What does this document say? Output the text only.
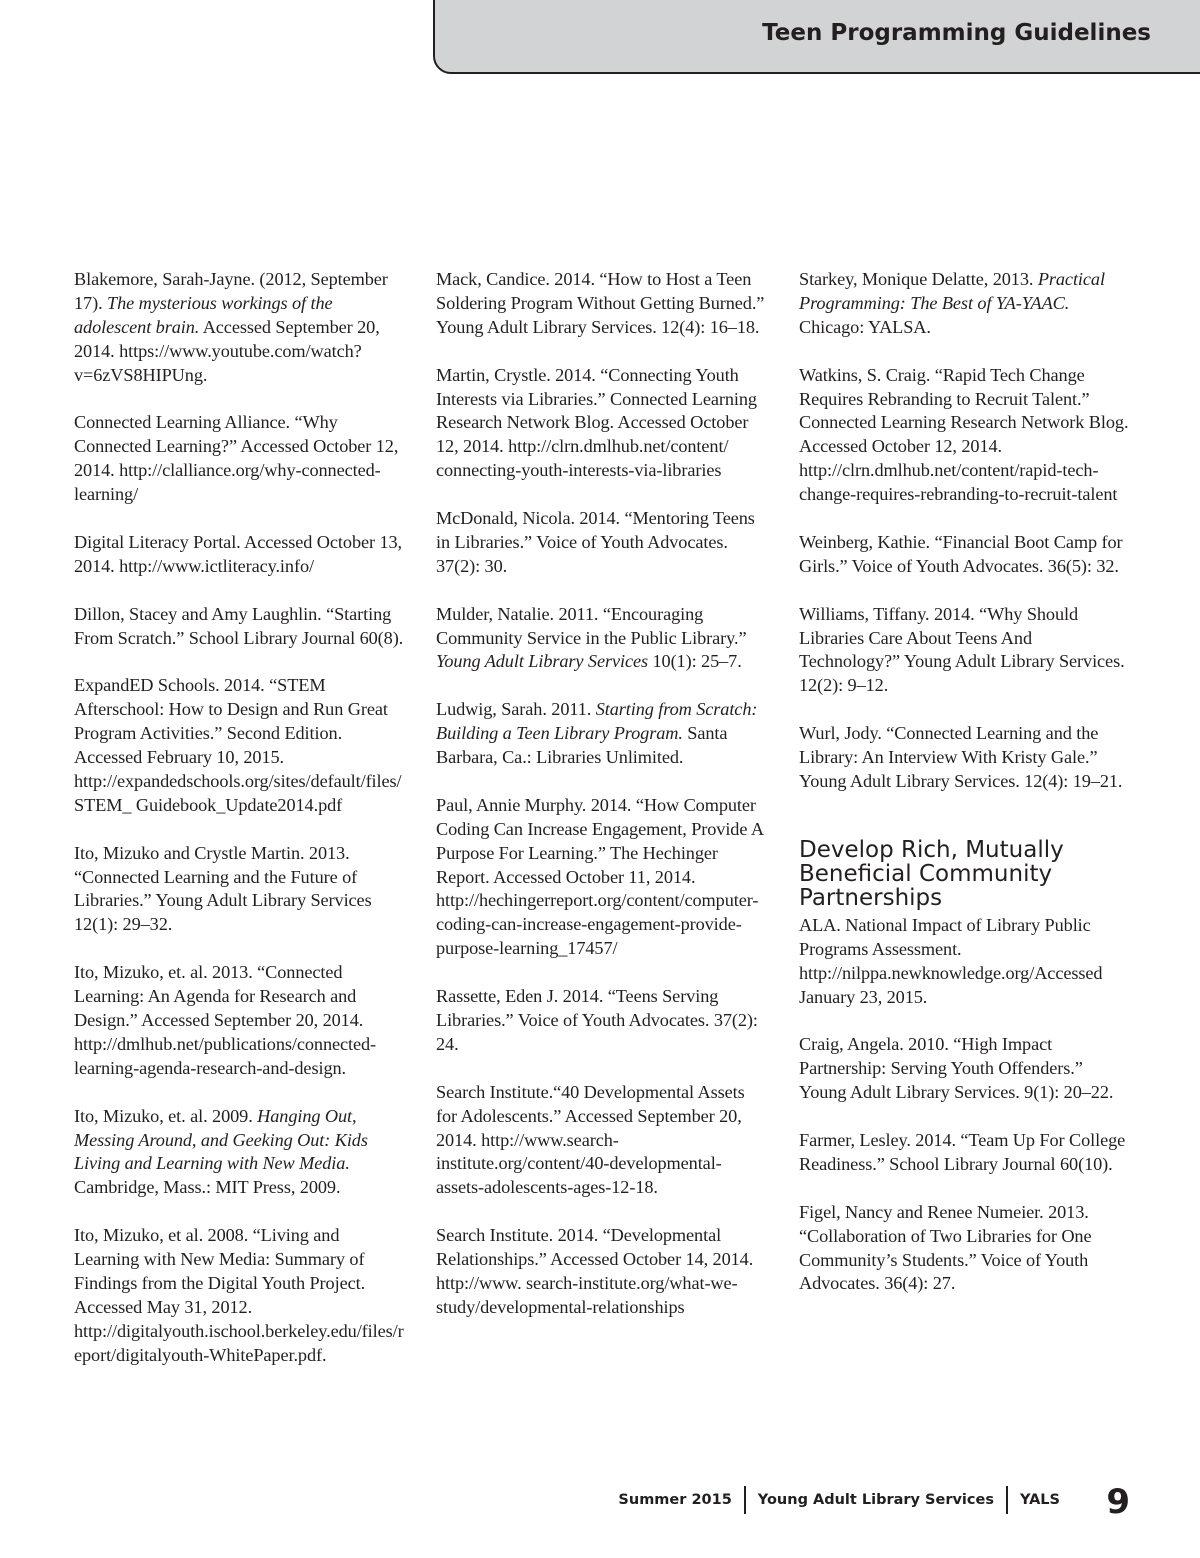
Teen Programming Guidelines

Blakemore, Sarah-Jayne. (2012, September 17). The mysterious workings of the adolescent brain. Accessed September 20, 2014. https://www.youtube.com/watch?v=6zVS8HIPUng.

Connected Learning Alliance. “Why Connected Learning?” Accessed October 12, 2014. http://clalliance.org/why-connected-learning/

Digital Literacy Portal. Accessed October 13, 2014. http://www.ictliteracy.info/

Dillon, Stacey and Amy Laughlin. “Starting From Scratch.” School Library Journal 60(8).

ExpandED Schools. 2014. “STEM Afterschool: How to Design and Run Great Program Activities.” Second Edition. Accessed February 10, 2015. http://expandedschools.org/sites/default/files/STEM_ Guidebook_Update2014.pdf

Ito, Mizuko and Crystle Martin. 2013. “Connected Learning and the Future of Libraries.” Young Adult Library Services 12(1): 29–32.

Ito, Mizuko, et. al. 2013. “Connected Learning: An Agenda for Research and Design.” Accessed September 20, 2014. http://dmlhub.net/publications/connected-learning-agenda-research-and-design.

Ito, Mizuko, et. al. 2009. Hanging Out, Messing Around, and Geeking Out: Kids Living and Learning with New Media. Cambridge, Mass.: MIT Press, 2009.

Ito, Mizuko, et al. 2008. “Living and Learning with New Media: Summary of Findings from the Digital Youth Project. Accessed May 31, 2012. http://digitalyouth.ischool.berkeley.edu/files/report/digitalyouth-WhitePaper.pdf.

Mack, Candice. 2014. “How to Host a Teen Soldering Program Without Getting Burned.” Young Adult Library Services. 12(4): 16–18.

Martin, Crystle. 2014. “Connecting Youth Interests via Libraries.” Connected Learning Research Network Blog. Accessed October 12, 2014. http://clrn.dmlhub.net/content/ connecting-youth-interests-via-libraries

McDonald, Nicola. 2014. “Mentoring Teens in Libraries.” Voice of Youth Advocates. 37(2): 30.

Mulder, Natalie. 2011. “Encouraging Community Service in the Public Library.” Young Adult Library Services 10(1): 25–7.

Ludwig, Sarah. 2011. Starting from Scratch: Building a Teen Library Program. Santa Barbara, Ca.: Libraries Unlimited.

Paul, Annie Murphy. 2014. “How Computer Coding Can Increase Engagement, Provide A Purpose For Learning.” The Hechinger Report. Accessed October 11, 2014. http://hechingerreport.org/content/computer-coding-can-increase-engagement-provide-purpose-learning_17457/

Rassette, Eden J. 2014. “Teens Serving Libraries.” Voice of Youth Advocates. 37(2): 24.

Search Institute.“40 Developmental Assets for Adolescents.” Accessed September 20, 2014. http://www.search-institute.org/content/40-developmental-assets-adolescents-ages-12-18.

Search Institute. 2014. “Developmental Relationships.” Accessed October 14, 2014. http://www. search-institute.org/what-we-study/developmental-relationships

Starkey, Monique Delatte, 2013. Practical Programming: The Best of YA-YAAC. Chicago: YALSA.

Watkins, S. Craig. “Rapid Tech Change Requires Rebranding to Recruit Talent.” Connected Learning Research Network Blog. Accessed October 12, 2014. http://clrn.dmlhub.net/content/rapid-tech-change-requires-rebranding-to-recruit-talent

Weinberg, Kathie. “Financial Boot Camp for Girls.” Voice of Youth Advocates. 36(5): 32.

Williams, Tiffany. 2014. “Why Should Libraries Care About Teens And Technology?” Young Adult Library Services. 12(2): 9–12.

Wurl, Jody. “Connected Learning and the Library: An Interview With Kristy Gale.” Young Adult Library Services. 12(4): 19–21.

Develop Rich, Mutually Beneficial Community Partnerships

ALA. National Impact of Library Public Programs Assessment. http://nilppa.newknowledge.org/Accessed January 23, 2015.

Craig, Angela. 2010. “High Impact Partnership: Serving Youth Offenders.” Young Adult Library Services. 9(1): 20–22.

Farmer, Lesley. 2014. “Team Up For College Readiness.” School Library Journal 60(10).

Figel, Nancy and Renee Numeier. 2013. “Collaboration of Two Libraries for One Community’s Students.” Voice of Youth Advocates. 36(4): 27.

Summer 2015 Young Adult Library Services YALS 9
